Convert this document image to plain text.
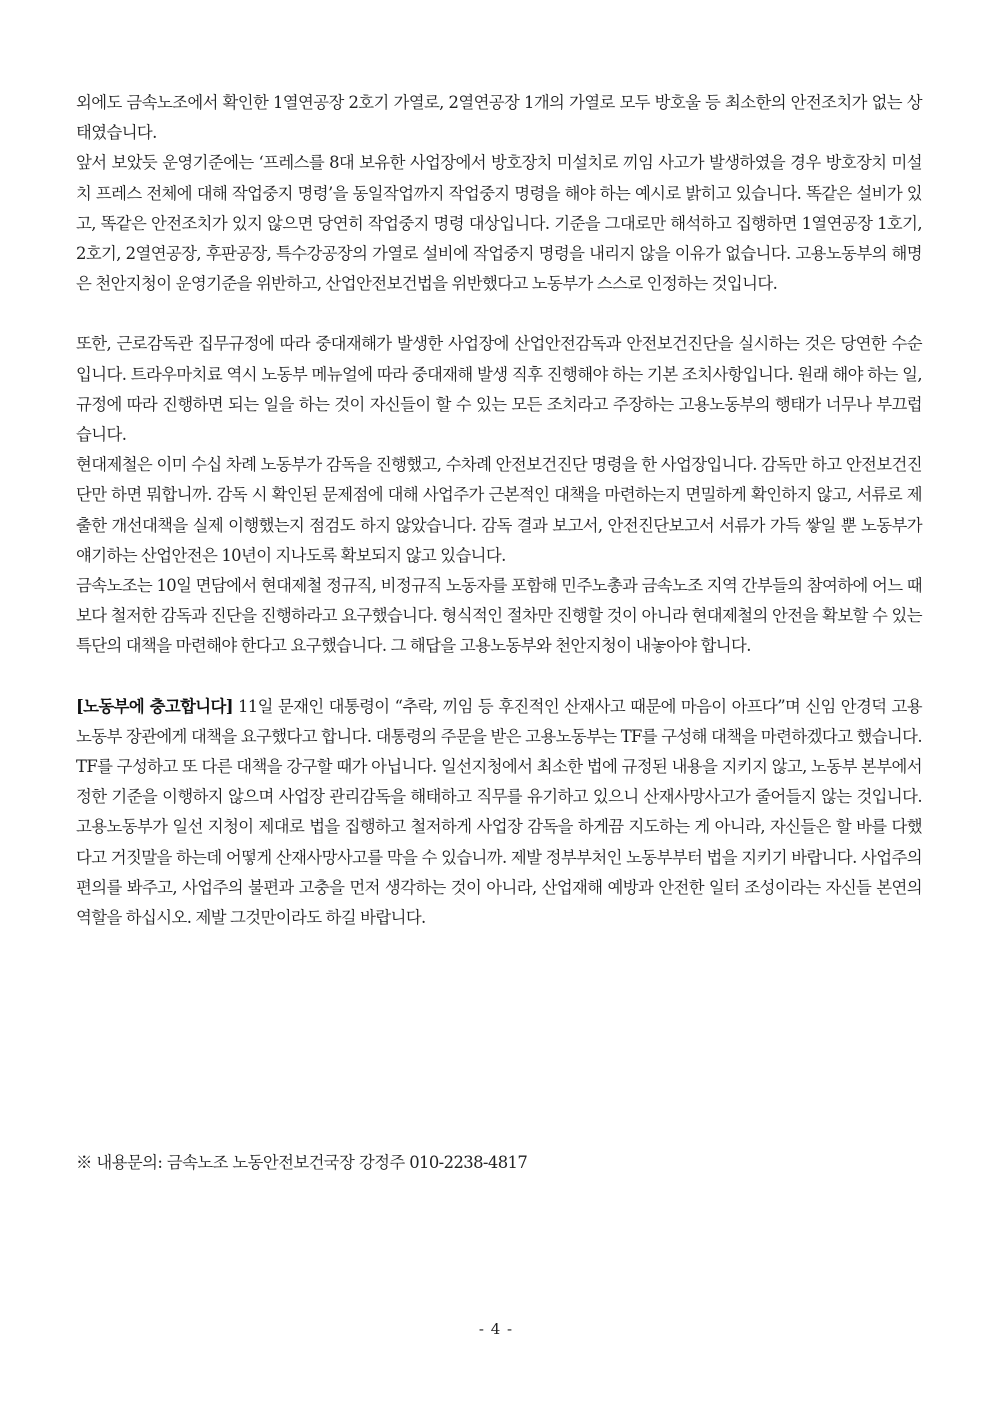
외에도 금속노조에서 확인한 1열연공장 2호기 가열로, 2열연공장 1개의 가열로 모두 방호울 등 최소한의 안전조치가 없는 상태였습니다.

앞서 보았듯 운영기준에는 ‘프레스를 8대 보유한 사업장에서 방호장치 미설치로 끼임 사고가 발생하였을 경우 방호장치 미설치 프레스 전체에 대해 작업중지 명령’을 동일작업까지 작업중지 명령을 해야 하는 예시로 밝히고 있습니다. 똑같은 설비가 있고, 똑같은 안전조치가 있지 않으면 당연히 작업중지 명령 대상입니다. 기준을 그대로만 해석하고 집행하면 1열연공장 1호기, 2호기, 2열연공장, 후판공장, 특수강공장의 가열로 설비에 작업중지 명령을 내리지 않을 이유가 없습니다. 고용노동부의 해명은 천안지청이 운영기준을 위반하고, 산업안전보건법을 위반했다고 노동부가 스스로 인정하는 것입니다.

또한, 근로감독관 집무규정에 따라 중대재해가 발생한 사업장에 산업안전감독과 안전보건진단을 실시하는 것은 당연한 수순입니다. 트라우마치료 역시 노동부 메뉴얼에 따라 중대재해 발생 직후 진행해야 하는 기본 조치사항입니다. 원래 해야 하는 일, 규정에 따라 진행하면 되는 일을 하는 것이 자신들이 할 수 있는 모든 조치라고 주장하는 고용노동부의 행태가 너무나 부끄럽습니다.

현대제철은 이미 수십 차례 노동부가 감독을 진행했고, 수차례 안전보건진단 명령을 한 사업장입니다. 감독만 하고 안전보건진단만 하면 뭐합니까. 감독 시 확인된 문제점에 대해 사업주가 근본적인 대책을 마련하는지 면밀하게 확인하지 않고, 서류로 제출한 개선대책을 실제 이행했는지 점검도 하지 않았습니다. 감독 결과 보고서, 안전진단보고서 서류가 가득 쌓일 뿐 노동부가 얘기하는 산업안전은 10년이 지나도록 확보되지 않고 있습니다.

금속노조는 10일 면담에서 현대제철 정규직, 비정규직 노동자를 포함해 민주노총과 금속노조 지역 간부들의 참여하에 어느 때보다 철저한 감독과 진단을 진행하라고 요구했습니다. 형식적인 절차만 진행할 것이 아니라 현대제철의 안전을 확보할 수 있는 특단의 대책을 마련해야 한다고 요구했습니다. 그 해답을 고용노동부와 천안지청이 내놓아야 합니다.

[노동부에 충고합니다] 11일 문재인 대통령이 “추락, 끼임 등 후진적인 산재사고 때문에 마음이 아프다”며 신임 안경덕 고용노동부 장관에게 대책을 요구했다고 합니다. 대통령의 주문을 받은 고용노동부는 TF를 구성해 대책을 마련하겠다고 했습니다. TF를 구성하고 또 다른 대책을 강구할 때가 아닙니다. 일선지청에서 최소한 법에 규정된 내용을 지키지 않고, 노동부 본부에서 정한 기준을 이행하지 않으며 사업장 관리감독을 해태하고 직무를 유기하고 있으니 산재사망사고가 줄어들지 않는 것입니다. 고용노동부가 일선 지청이 제대로 법을 집행하고 철저하게 사업장 감독을 하게끔 지도하는 게 아니라, 자신들은 할 바를 다했다고 거짓말을 하는데 어떻게 산재사망사고를 막을 수 있습니까. 제발 정부부처인 노동부부터 법을 지키기 바랍니다. 사업주의 편의를 봐주고, 사업주의 불편과 고충을 먼저 생각하는 것이 아니라, 산업재해 예방과 안전한 일터 조성이라는 자신들 본연의 역할을 하십시오. 제발 그것만이라도 하길 바랍니다.

※ 내용문의: 금속노조 노동안전보건국장 강정주 010-2238-4817

- 4 -
